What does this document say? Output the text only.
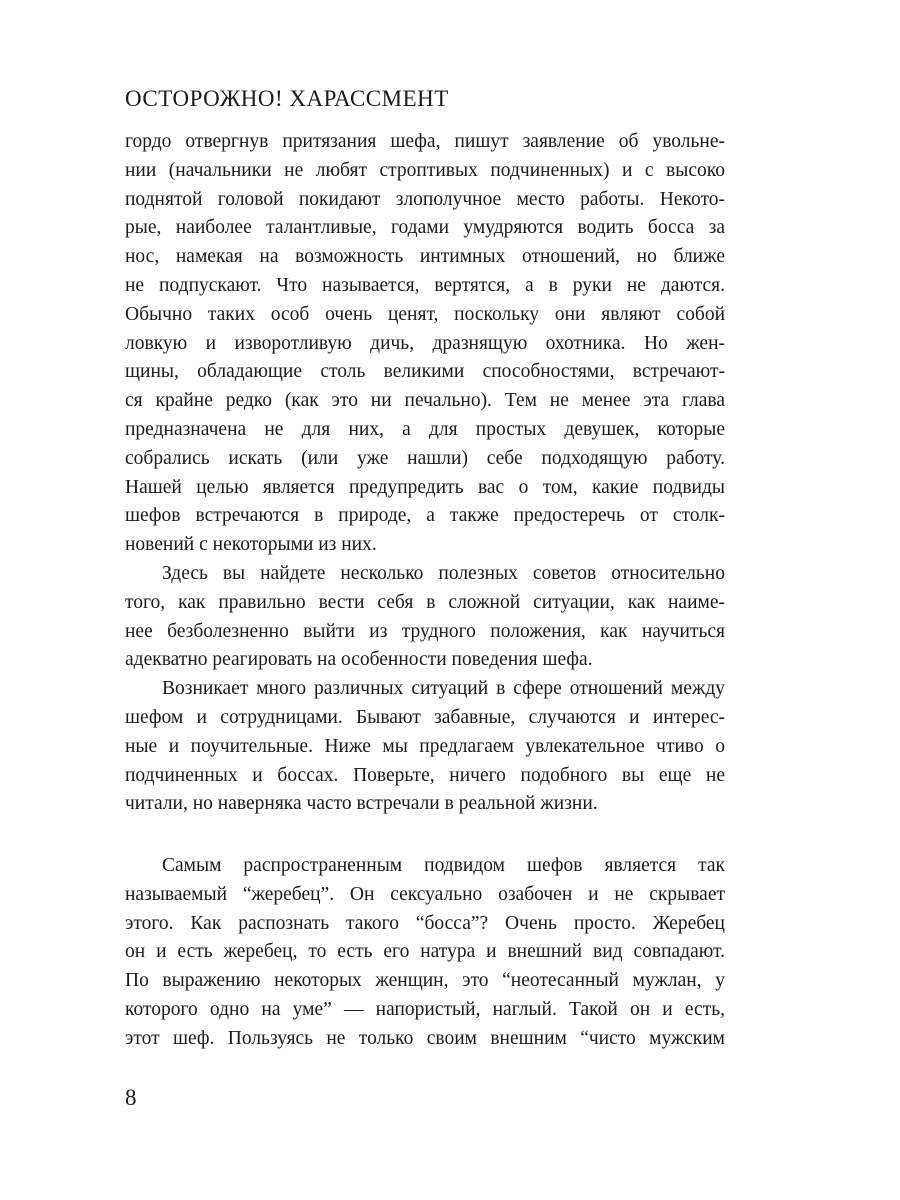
ОСТОРОЖНО! ХАРАССМЕНТ
гордо отвергнув притязания шефа, пишут заявление об увольне-
нии (начальники не любят строптивых подчиненных) и с высоко
поднятой головой покидают злополучное место работы. Некото-
рые, наиболее талантливые, годами умудряются водить босса за
нос, намекая на возможность интимных отношений, но ближе
не подпускают. Что называется, вертятся, а в руки не даются.
Обычно таких особ очень ценят, поскольку они являют собой
ловкую и изворотливую дичь, дразнящую охотника. Но жен-
щины, обладающие столь великими способностями, встречают-
ся крайне редко (как это ни печально). Тем не менее эта глава
предназначена не для них, а для простых девушек, которые
собрались искать (или уже нашли) себе подходящую работу.
Нашей целью является предупредить вас о том, какие подвиды
шефов встречаются в природе, а также предостеречь от столк-
новений с некоторыми из них.
Здесь вы найдете несколько полезных советов относительно
того, как правильно вести себя в сложной ситуации, как наиме-
нее безболезненно выйти из трудного положения, как научиться
адекватно реагировать на особенности поведения шефа.
Возникает много различных ситуаций в сфере отношений между
шефом и сотрудницами. Бывают забавные, случаются и интерес-
ные и поучительные. Ниже мы предлагаем увлекательное чтиво о
подчиненных и боссах. Поверьте, ничего подобного вы еще не
читали, но наверняка часто встречали в реальной жизни.
Самым распространенным подвидом шефов является так
называемый “жеребец”. Он сексуально озабочен и не скрывает
этого. Как распознать такого “босса”? Очень просто. Жеребец
он и есть жеребец, то есть его натура и внешний вид совпадают.
По выражению некоторых женщин, это “неотесанный мужлан, у
которого одно на уме” — напористый, наглый. Такой он и есть,
этот шеф. Пользуясь не только своим внешним “чисто мужским
8
